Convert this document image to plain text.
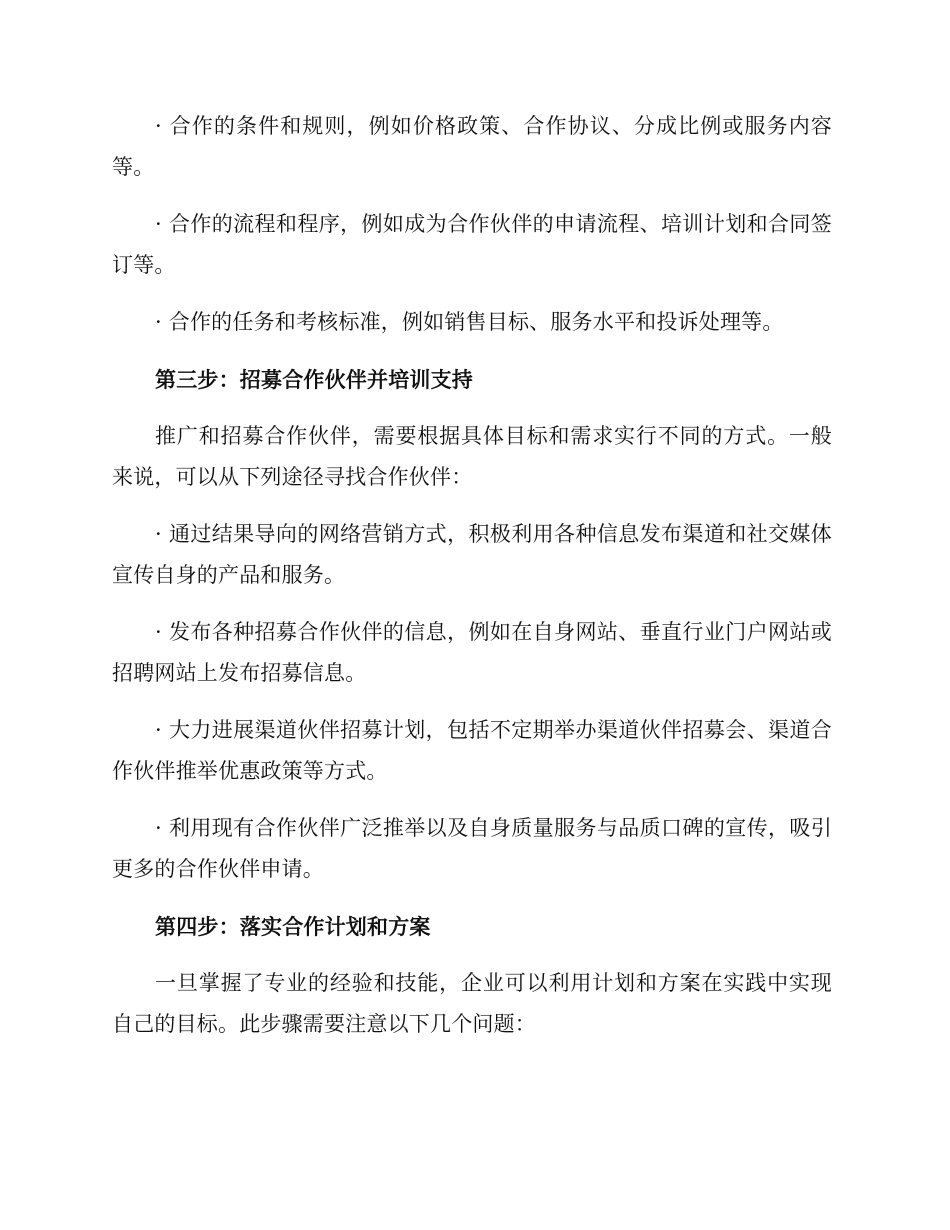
· 合作的条件和规则，例如价格政策、合作协议、分成比例或服务内容等。

· 合作的流程和程序，例如成为合作伙伴的申请流程、培训计划和合同签订等。

· 合作的任务和考核标准，例如销售目标、服务水平和投诉处理等。

第三步：招募合作伙伴并培训支持

推广和招募合作伙伴，需要根据具体目标和需求实行不同的方式。一般来说，可以从下列途径寻找合作伙伴：

· 通过结果导向的网络营销方式，积极利用各种信息发布渠道和社交媒体宣传自身的产品和服务。

· 发布各种招募合作伙伴的信息，例如在自身网站、垂直行业门户网站或招聘网站上发布招募信息。

· 大力进展渠道伙伴招募计划，包括不定期举办渠道伙伴招募会、渠道合作伙伴推举优惠政策等方式。

· 利用现有合作伙伴广泛推举以及自身质量服务与品质口碑的宣传，吸引更多的合作伙伴申请。

第四步：落实合作计划和方案

一旦掌握了专业的经验和技能，企业可以利用计划和方案在实践中实现自己的目标。此步骤需要注意以下几个问题：
